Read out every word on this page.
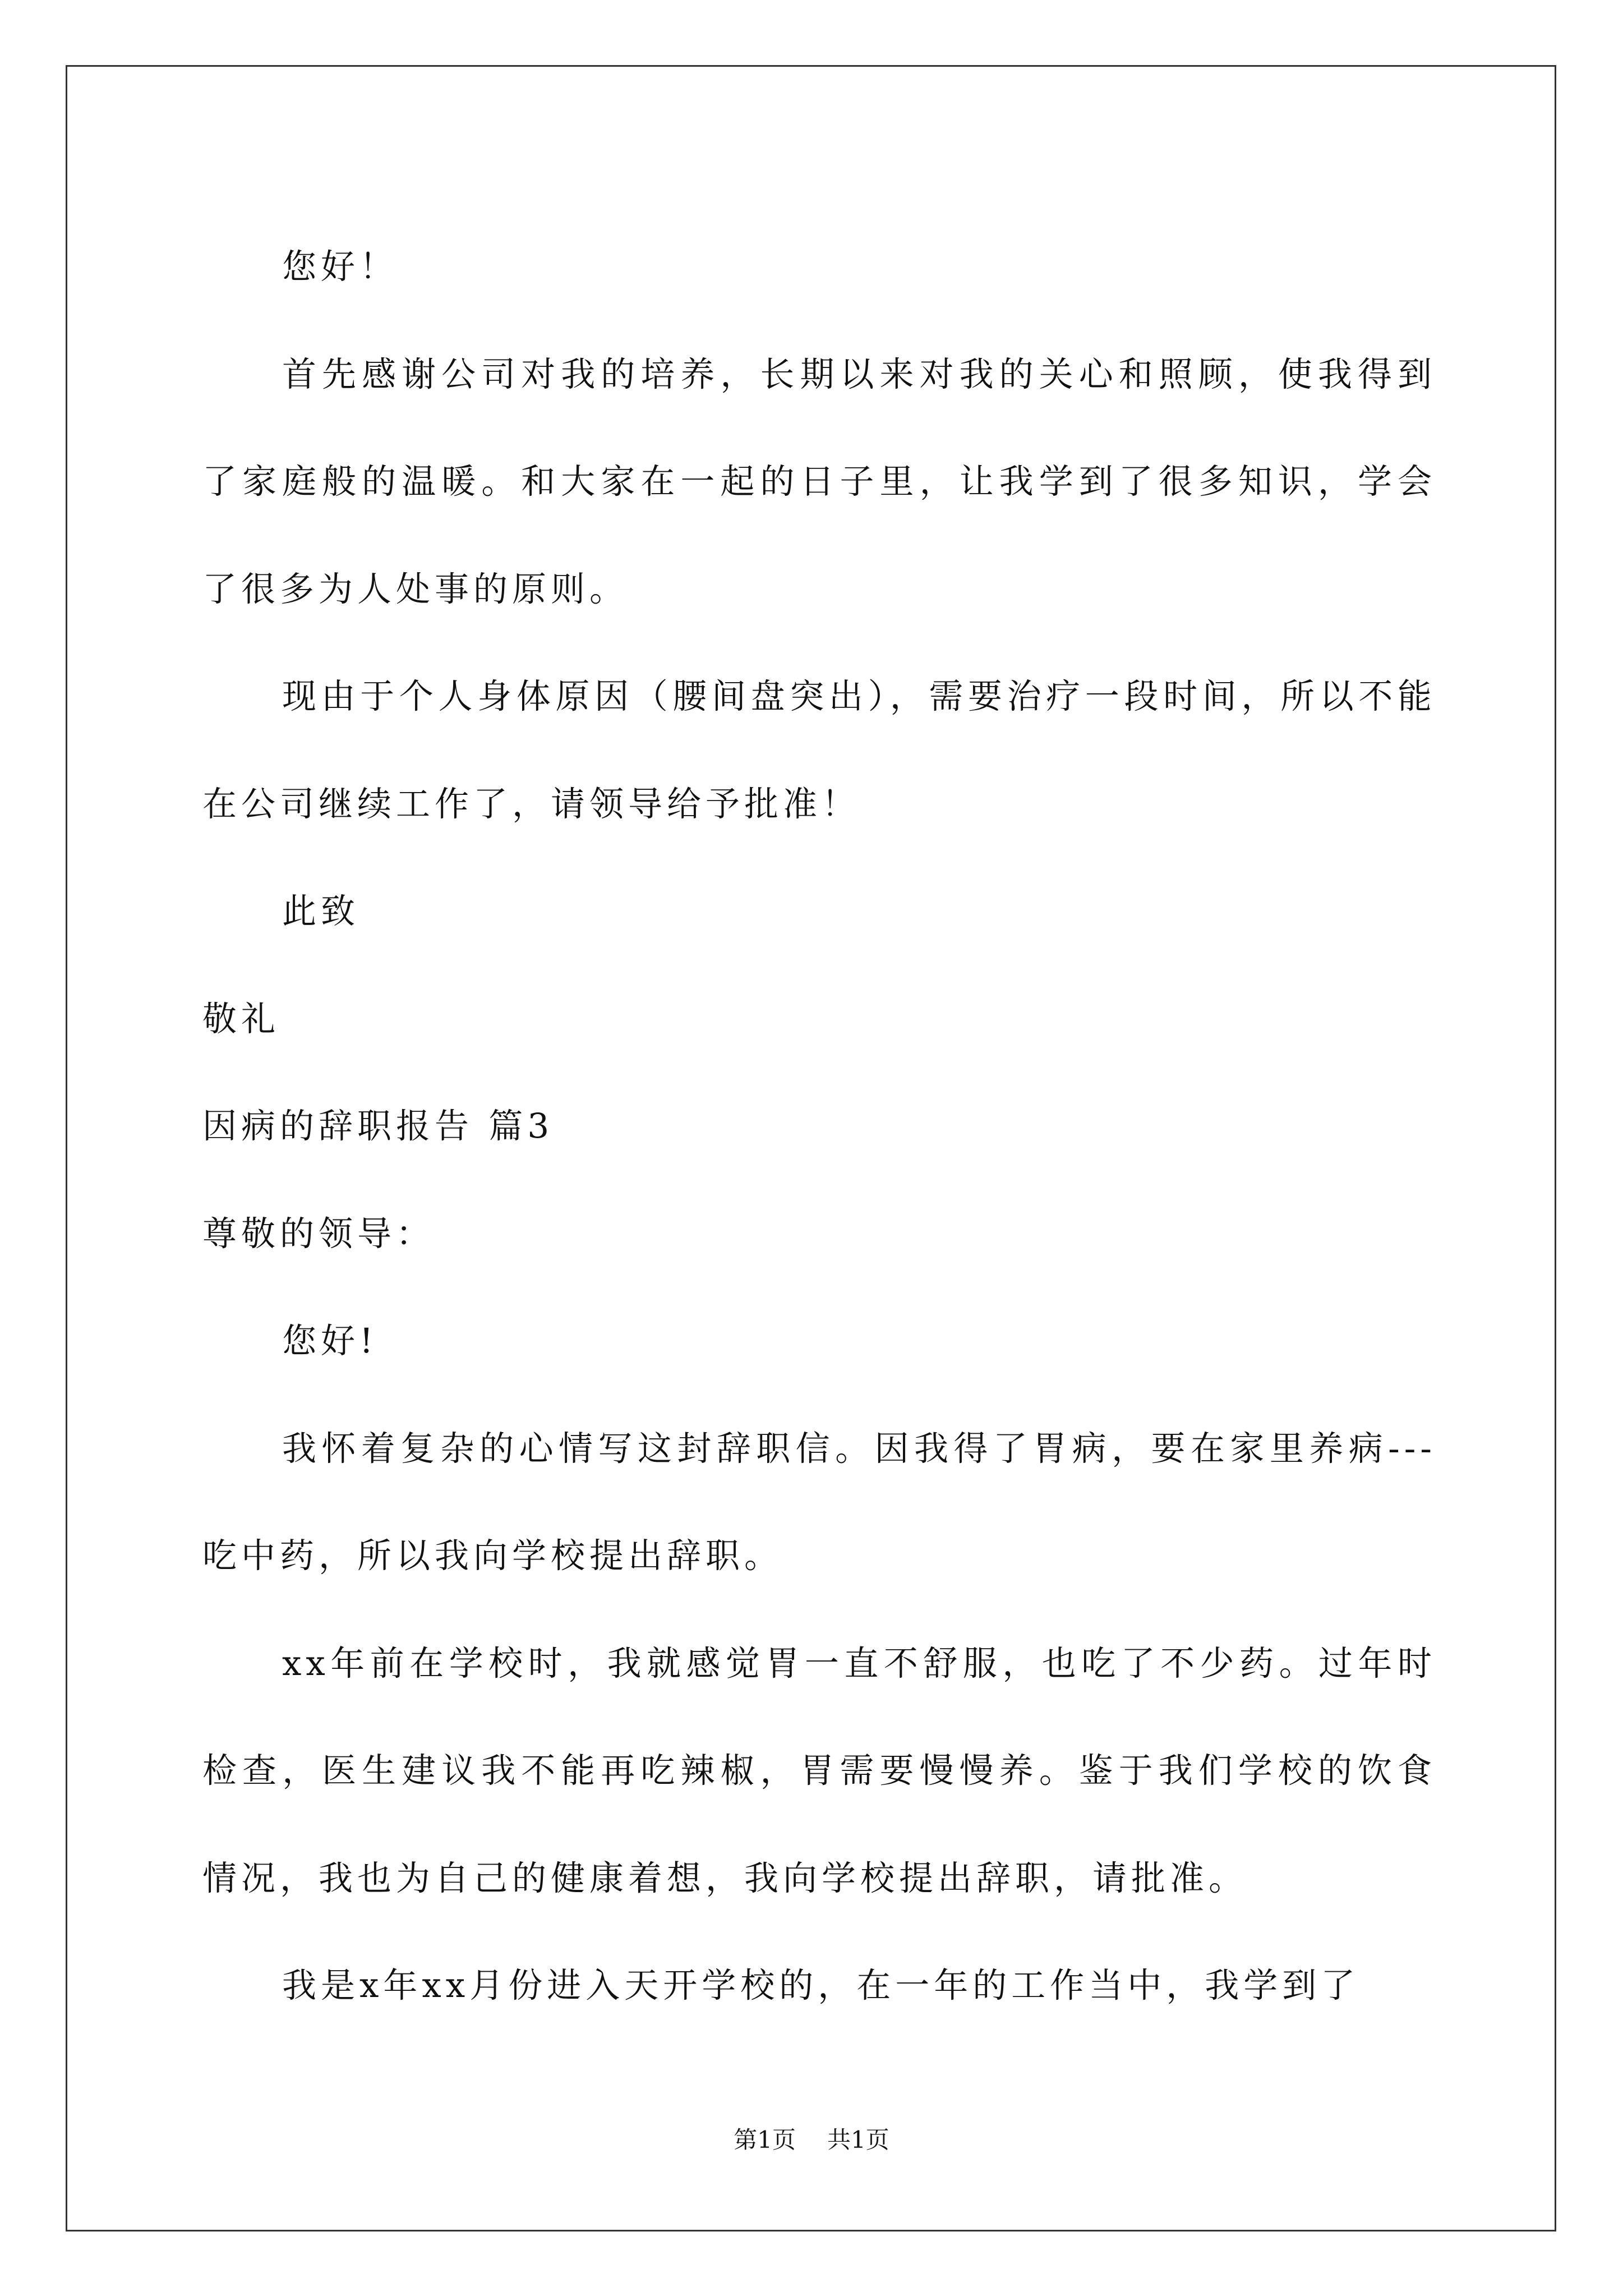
您好！

首先感谢公司对我的培养，长期以来对我的关心和照顾，使我得到了家庭般的温暖。和大家在一起的日子里，让我学到了很多知识，学会了很多为人处事的原则。

现由于个人身体原因（腰间盘突出），需要治疗一段时间，所以不能在公司继续工作了，请领导给予批准！

此致

敬礼

因病的辞职报告 篇3

尊敬的领导：

您好!

我怀着复杂的心情写这封辞职信。因我得了胃病，要在家里养病---吃中药，所以我向学校提出辞职。

xx年前在学校时，我就感觉胃一直不舒服，也吃了不少药。过年时检查，医生建议我不能再吃辣椒，胃需要慢慢养。鉴于我们学校的饮食情况，我也为自己的健康着想，我向学校提出辞职，请批准。

我是x年xx月份进入天开学校的，在一年的工作当中，我学到了

第1页 共1页
